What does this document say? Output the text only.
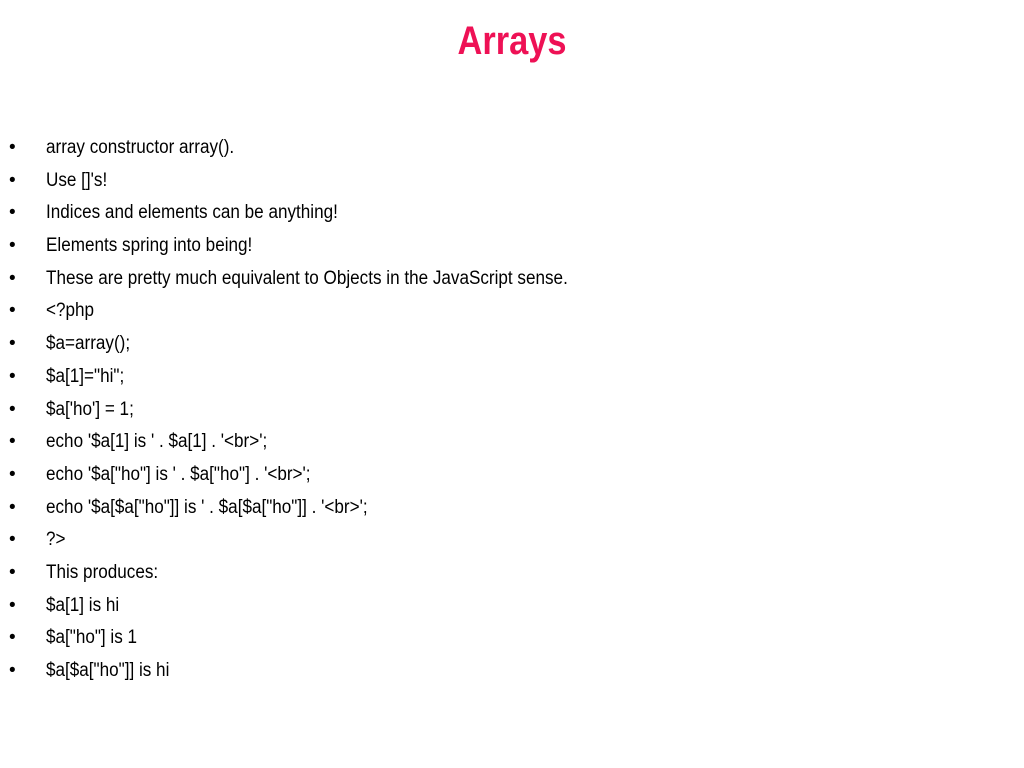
Arrays
• array constructor array().
• Use []'s!
• Indices and elements can be anything!
• Elements spring into being!
• These are pretty much equivalent to Objects in the JavaScript sense.
• <?php
• $a=array();
• $a[1]="hi";
• $a['ho'] = 1;
• echo '$a[1] is ' . $a[1] . '<br>';
• echo '$a["ho"] is ' . $a["ho"] . '<br>';
• echo '$a[$a["ho"]] is ' . $a[$a["ho"]] . '<br>';
• ?>
• This produces:
• $a[1] is hi
• $a["ho"] is 1
• $a[$a["ho"]] is hi
